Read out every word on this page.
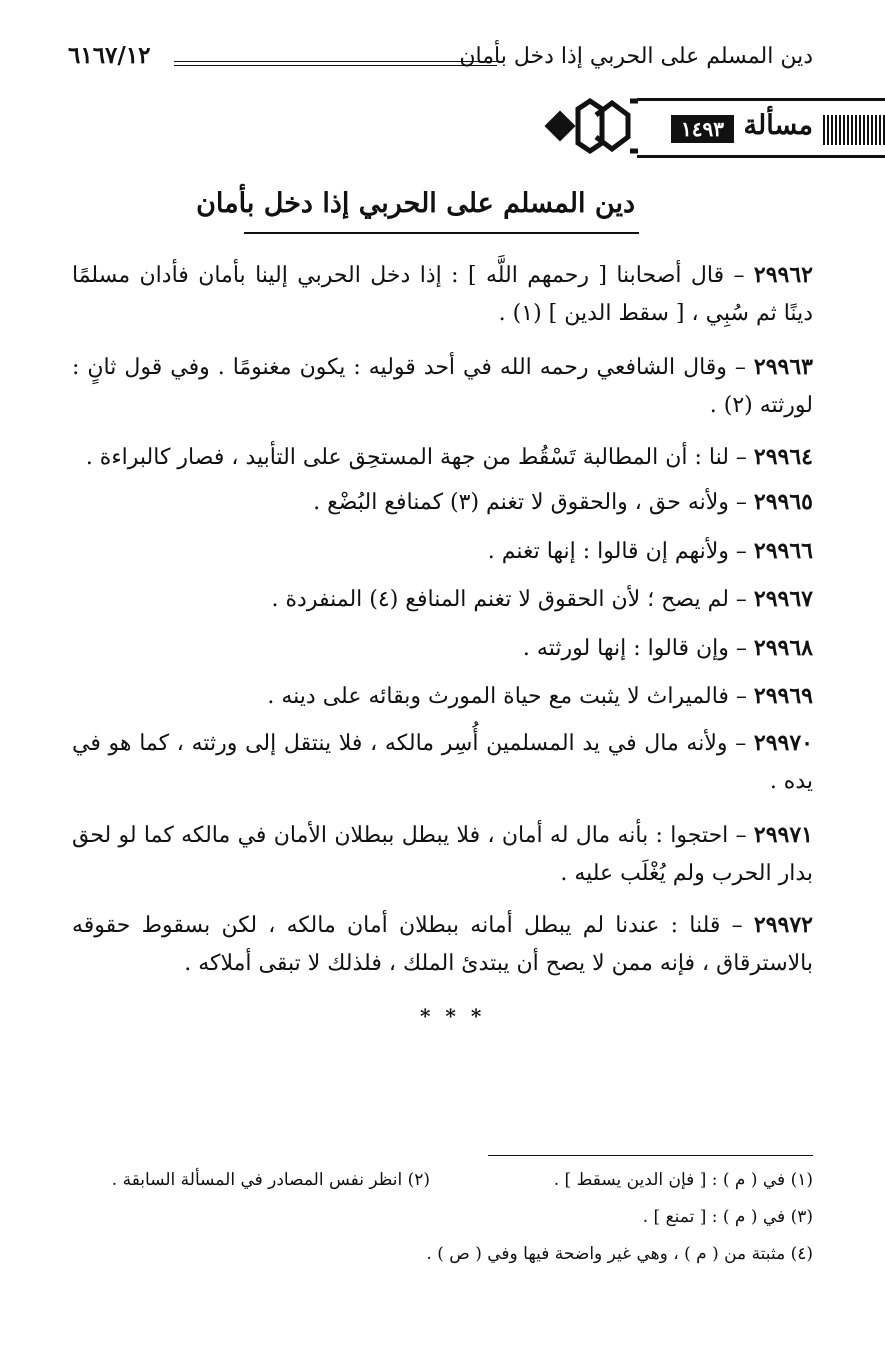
دين المسلم على الحربي إذا دخل بأمان
٦١٦٧/١٢
مسألة
١٤٩٣
دين المسلم على الحربي إذا دخل بأمان
٢٩٩٦٢ – قال أصحابنا [ رحمهم اللَّه ] : إذا دخل الحربي إلينا بأمان فأدان مسلمًا دينًا ثم سُبِي ، [ سقط الدين ] (١) .
٢٩٩٦٣ – وقال الشافعي رحمه الله في أحد قوليه : يكون مغنومًا . وفي قول ثانٍ : لورثته (٢) .
٢٩٩٦٤ – لنا : أن المطالبة تَسْقُط من جهة المستحِق على التأبيد ، فصار كالبراءة .
٢٩٩٦٥ – ولأنه حق ، والحقوق لا تغنم (٣) كمنافع البُضْع .
٢٩٩٦٦ – ولأنهم إن قالوا : إنها تغنم .
٢٩٩٦٧ – لم يصح ؛ لأن الحقوق لا تغنم المنافع (٤) المنفردة .
٢٩٩٦٨ – وإن قالوا : إنها لورثته .
٢٩٩٦٩ – فالميراث لا يثبت مع حياة المورث وبقائه على دينه .
٢٩٩٧٠ – ولأنه مال في يد المسلمين أُسِر مالكه ، فلا ينتقل إلى ورثته ، كما هو في يده .
٢٩٩٧١ – احتجوا : بأنه مال له أمان ، فلا يبطل ببطلان الأمان في مالكه كما لو لحق بدار الحرب ولم يُغْلَب عليه .
٢٩٩٧٢ – قلنا : عندنا لم يبطل أمانه ببطلان أمان مالكه ، لكن بسقوط حقوقه بالاسترقاق ، فإنه ممن لا يصح أن يبتدئ الملك ، فلذلك لا تبقى أملاكه .
* * *
(١) في ( م ) : [ فإن الدين يسقط ] .
(٢) انظر نفس المصادر في المسألة السابقة .
(٣) في ( م ) : [ تمنع ] .
(٤) مثبتة من ( م ) ، وهي غير واضحة فيها وفي ( ص ) .
